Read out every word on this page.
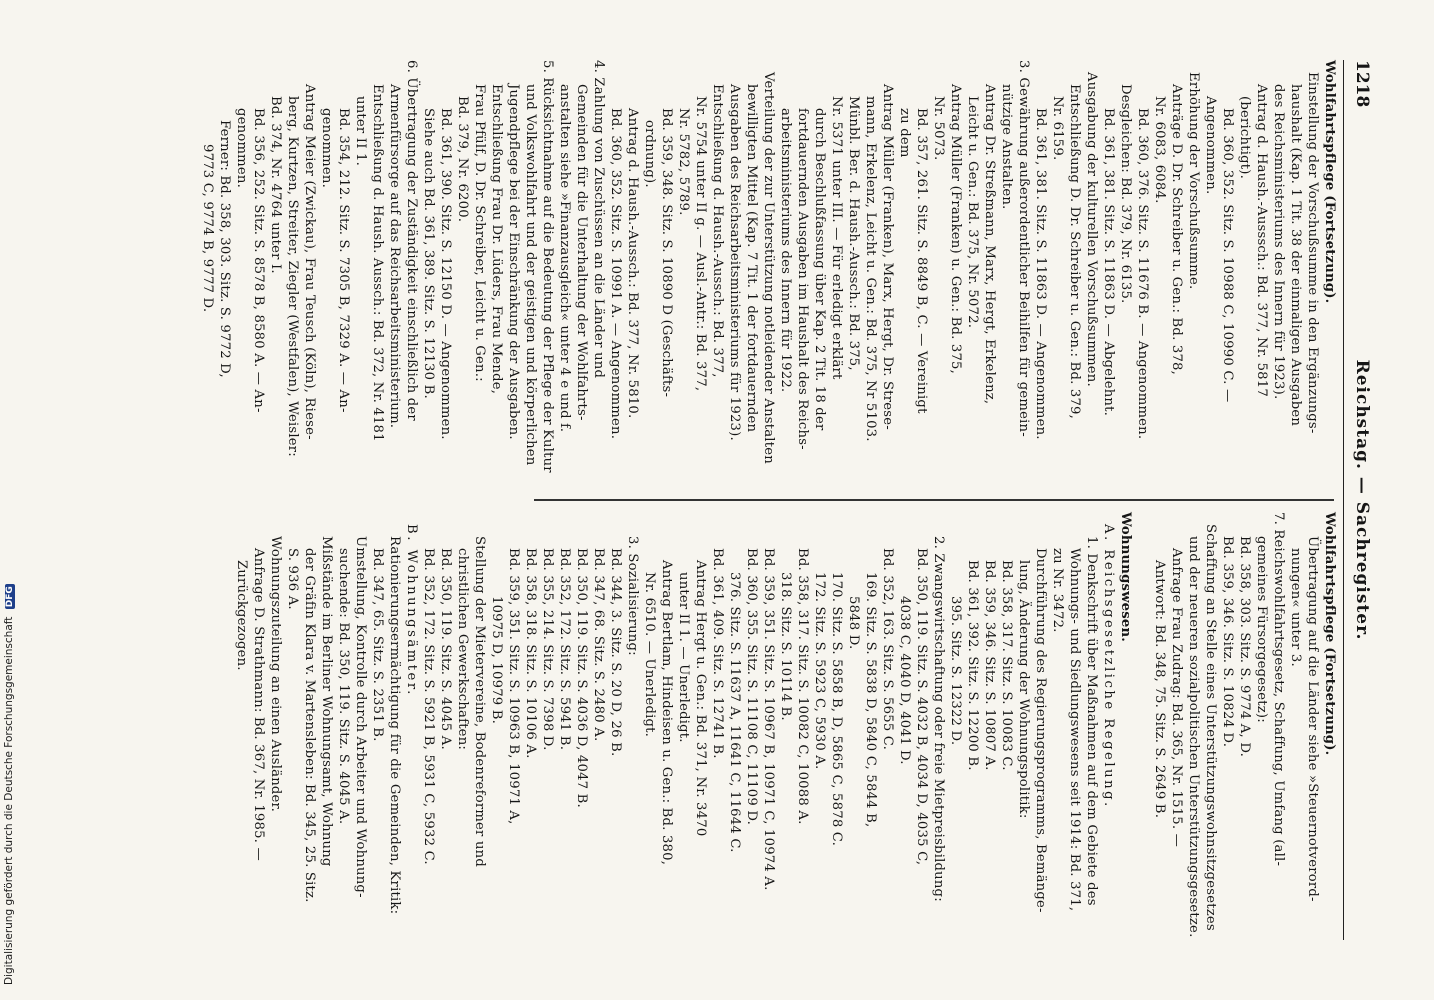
1218
Reichstag. — Sachregister.
Wohlfahrtspflege (Fortsetzung).
Einstellung der Vorschußsumme in den Ergänzungs-
haushalt (Kap. 1 Tit. 38 der einmaligen Ausgaben
des Reichsministeriums des Innern für 1923).
Antrag d. Haush.-Ausssch.: Bd. 377, Nr. 5817
(berichtigt).
Bd. 360, 352. Sitz. S. 10988 C, 10990 C. —
Angenommen.
Erhöhung der Vorschußsumme.
Anträge D. Dr. Schreiber u. Gen.: Bd. 378,
Nr. 6083, 6084.
Bd. 360, 376. Sitz. S. 11676 B. — Angenommen.
Desgleichen: Bd. 379, Nr. 6135.
Bd. 361, 381. Sitz. S. 11863 D. — Abgelehnt.
Ausgabung der kulturellen Vorschußsummen.
Entschließung D. Dr. Schreiber u. Gen.: Bd. 379,
Nr. 6159.
Bd. 361, 381. Sitz. S. 11863 D. — Angenommen.
3. Gewährung außerordentlicher Beihilfen für gemein-
nützige Anstalten.
Antrag Dr. Streßmann, Marx, Hergt, Erkelenz,
Leicht u. Gen.: Bd. 375, Nr. 5072.
Antrag Müller (Franken) u. Gen.: Bd. 375,
Nr. 5073.
Bd. 357, 261. Sitz. S. 8849 B, C. — Vereinigt
zu dem
Antrag Müller (Franken), Marx, Hergt, Dr. Strese-
mann, Erkelenz, Leicht u. Gen.: Bd. 375, Nr 5103.
Münbl. Ber. d. Haush.-Aussch.: Bd. 375,
Nr. 5371 unter III. — Für erledigt erklärt
durch Beschlußfassung über Kap. 2 Tit. 18 der
fortdauernden Ausgaben im Haushalt des Reichs-
arbeitsministeriums des Innern für 1922.
Verteilung der zur Unterstützung notleidender Anstalten
bewilligten Mittel (Kap. 7 Tit. 1 der fortdauernden
Ausgaben des Reichsarbeitsministeriums für 1923).
Entschließung d. Haush.-Aussch.: Bd. 377,
Nr. 5754 unter II g. — Ausl.-Antr.: Bd. 377,
Nr. 5782, 5789.
Bd. 359, 348. Sitz. S. 10890 D (Geschäfts-
ordnung).
Antrag d. Haush.-Aussch.: Bd. 377, Nr. 5810.
Bd. 360, 352. Sitz. S. 10991 A. — Angenommen.
4. Zahlung von Zuschüssen an die Länder und
Gemeinden für die Unterhaltung der Wohlfahrts-
anstalten siehe »Finanzausgleich« unter 4 e und f.
5. Rücksichtnahme auf die Bedeutung der Pflege der Kultur
und Volkswohlfahrt und der geistigen und körperlichen
Jugendpflege bei der Einschränkung der Ausgaben.
Entschließung Frau Dr. Lüders, Frau Mende,
Frau Pfülf, D. Dr. Schreiber, Leicht u. Gen.:
Bd. 379, Nr. 6200.
Bd. 361, 390. Sitz. S. 12150 D. — Angenommen.
Siehe auch Bd. 361, 389. Sitz. S. 12130 B.
6. Übertragung der Zuständigkeit einschließlich der
Armenfürsorge auf das Reichsarbeitsministerium.
Entschließung d. Haush. Aussch.: Bd. 372, Nr. 4181
unter II 1.
Bd. 354, 212. Sitz. S. 7305 B, 7329 A. — An-
genommen.
Antrag Meier (Zwickau), Frau Teusch (Köln), Riese-
berg, Kurtzen, Streiter, Ziegler (Westfalen), Weisler:
Bd. 374, Nr. 4764 unter I.
Bd. 356, 252. Sitz. S. 8578 B, 8580 A. — An-
genommen.
Ferner: Bd. 358, 303. Sitz. S. 9772 D,
9773 C, 9774 B, 9777 D.
Wohlfahrtspflege (Fortsetzung).
Übertragung auf die Länder siehe »Steuernotverord-
nungen« unter 3.
7. Reichswohlfahrtsgesetz, Schaffung, Umfang (all-
gemeines Fürsorgegesetz):
Bd. 358, 303. Sitz. S. 9774 A, D.
Bd. 359, 346. Sitz. S. 10824 D.
Schaffung an Stelle eines Unterstützungswohnsitzgesetzes
und der neueren sozialpolitischen Unterstützungsgesetze.
Anfrage Frau Zudrag: Bd. 365, Nr. 1515. —
Antwort: Bd. 348, 75. Sitz. S. 2649 B.

Wohnungswesen.
A. Reichsgesetzliche Regelung.
1. Denkschrift über Maßnahmen auf dem Gebiete des
Wohnungs- und Siedlungswesens seit 1914: Bd. 371,
zu Nr. 3472.
Durchführung des Regierungsprogramms, Bemänge-
lung, Änderung der Wohnungspolitik:
Bd. 358, 317. Sitz. S. 10083 C.
Bd. 359, 346. Sitz. S. 10807 A.
Bd. 361, 392. Sitz. S. 12200 B.
395. Sitz. S. 12322 D.
2. Zwangswirtschaftung oder freie Mietpreisbildung:
Bd. 350, 119. Sitz. S. 4032 B, 4034 D, 4035 C,
4038 C, 4040 D, 4041 D.
Bd. 352, 163. Sitz. S. 5655 C.
169. Sitz. S. 5838 D, 5840 C, 5844 B,
5848 D.
170. Sitz. S. 5858 B, D, 5865 C, 5878 C.
172. Sitz. S. 5923 C, 5930 A.
Bd. 358, 317. Sitz. S. 10082 C, 10088 A.
318. Sitz. S. 10114 B.
Bd. 359, 351. Sitz. S. 10967 B, 10971 C, 10974 A.
Bd. 360, 355. Sitz. S. 11108 C, 11109 D.
376. Sitz. S. 11637 A, 11641 C, 11644 C.
Bd. 361, 409. Sitz. S. 12741 B.
Antrag Hergt u. Gen.: Bd. 371, Nr. 3470
unter II 1. — Unerledigt.
Antrag Bertlam, Hindeisen u. Gen.: Bd. 380,
Nr. 6510. — Unerledigt.
3. Sozialisierung:
Bd. 344, 3. Sitz. S. 20 D, 26 B.
Bd. 347, 68. Sitz. S. 2480 A.
Bd. 350, 119. Sitz. S. 4036 D, 4047 B.
Bd. 352, 172. Sitz. S. 5941 B.
Bd. 355, 214. Sitz. S. 7398 D.
Bd. 358, 318. Sitz. S. 10106 A.
Bd. 359, 351. Sitz. S. 10963 B, 10971 A,
10975 D, 10979 B.
Stellung der Mietervereine, Bodenreformer und
christlichen Gewerkschaften:
Bd. 350, 119. Sitz. S. 4045 A.
Bd. 352, 172. Sitz. S. 5921 B, 5931 C, 5932 C.
B. Wohnungsämter.
Rationierungsermächtigung für die Gemeinden, Kritik:
Bd. 347, 65. Sitz. S. 2351 B.
Umstellung, Kontrolle durch Arbeiter und Wohnung-
suchende: Bd. 350, 119. Sitz. S. 4045 A.
Mißstände im Berliner Wohnungsamt, Wohnung
der Gräfin Klara v. Martensleben: Bd. 345, 25. Sitz.
S. 936 A.
Wohnungszuteilung an einen Ausländer.
Anfrage D. Strathmann: Bd. 367, Nr. 1985. —
Zurückgezogen.
Digitalisierung gefördert durch die Deutsche Forschungsgemeinschaft DFG
